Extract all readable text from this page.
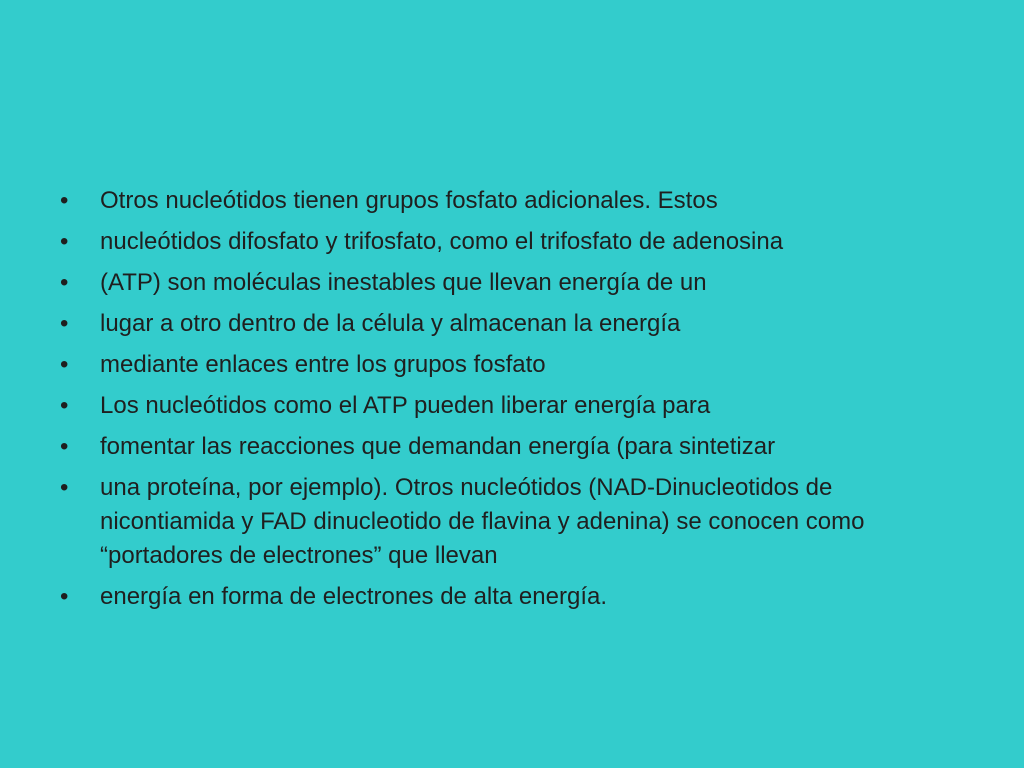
•	Otros nucleótidos tienen grupos fosfato adicionales. Estos
•	nucleótidos difosfato y trifosfato, como el trifosfato de adenosina
•	(ATP) son moléculas inestables que llevan energía de un
•	lugar a otro dentro de la célula y almacenan la energía
•	mediante enlaces entre los grupos fosfato
•	Los nucleótidos como el ATP pueden liberar energía para
•	fomentar las reacciones que demandan energía (para sintetizar
•	una proteína, por ejemplo). Otros nucleótidos (NAD-Dinucleotidos de nicontiamida y FAD dinucleotido de flavina y adenina) se conocen como “portadores de electrones” que llevan
•	energía en forma de electrones de alta energía.
